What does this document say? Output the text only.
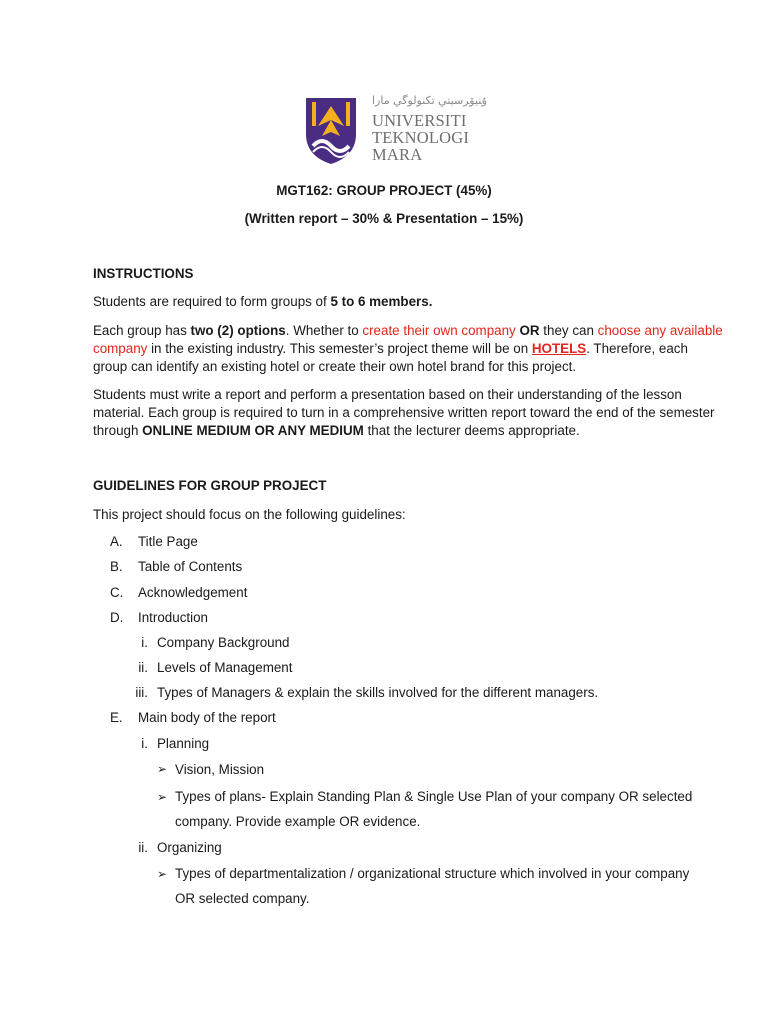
ﯗﻨﻴﯚﺮﺳﻴﺘﻲ ﺗﻜﻨﻮﻟﻮﮔﻲ ﻣﺎرا
UNIVERSITI
TEKNOLOGI
MARA
MGT162: GROUP PROJECT (45%)
(Written report – 30% & Presentation – 15%)
INSTRUCTIONS
Students are required to form groups of 5 to 6 members.
Each group has two (2) options. Whether to create their own company OR they can choose any available
company in the existing industry. This semester’s project theme will be on HOTELS. Therefore, each
group can identify an existing hotel or create their own hotel brand for this project.
Students must write a report and perform a presentation based on their understanding of the lesson
material. Each group is required to turn in a comprehensive written report toward the end of the semester
through ONLINE MEDIUM OR ANY MEDIUM that the lecturer deems appropriate.
GUIDELINES FOR GROUP PROJECT
This project should focus on the following guidelines:
A. Title Page
B. Table of Contents
C. Acknowledgement
D. Introduction
i. Company Background
ii. Levels of Management
iii. Types of Managers & explain the skills involved for the different managers.
E. Main body of the report
i. Planning
➢ Vision, Mission
➢ Types of plans- Explain Standing Plan & Single Use Plan of your company OR selected
company. Provide example OR evidence.
ii. Organizing
➢ Types of departmentalization / organizational structure which involved in your company
OR selected company.
